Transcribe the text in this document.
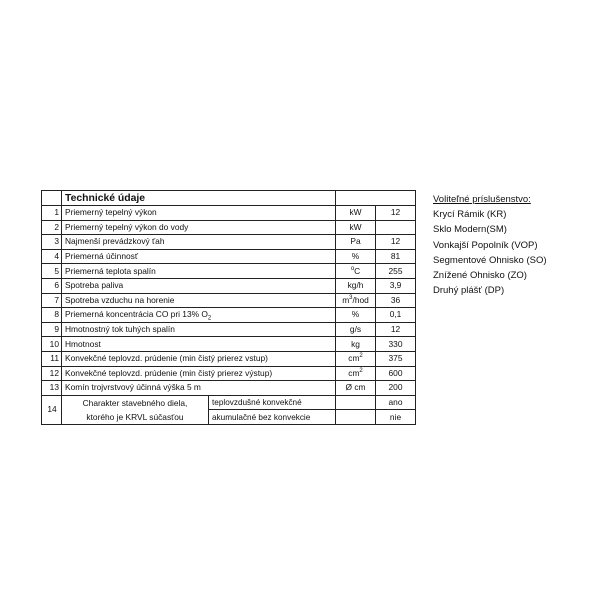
	Technické údaje			
1	Priemerný tepelný výkon		kW	12
2	Priemerný tepelný výkon do vody		kW	
3	Najmenší prevádzkový ťah		Pa	12
4	Priemerná účinnosť		%	81
5	Priemerná teplota spalín		$^o$C	255
6	Spotreba paliva		kg/h	3,9
7	Spotreba vzduchu na horenie		$m^3$/hod	36
8	Priemerná koncentrácia CO pri 13% $O_2$		%	0,1
9	Hmotnostný tok tuhých spalín		g/s	12
10	Hmotnost		kg	330
11	Konvekčné teplovzd. prúdenie (min čistý prierez vstup)		$cm^2$	375
12	Konvekčné teplovzd. prúdenie (min čistý prierez výstup)		$cm^2$	600
13	Komín trojvrstvový účinná výška 5 m		Ø cm	200
14	Charakter stavebného diela,
ktorého je KRVL súčasťou	teplovzdušné konvekčné		ano
		akumulačné bez konvekcie		nie
Voliteľné príslušenstvo:
Krycí Rámik (KR)
Sklo Modern(SM)
Vonkajší Popolník (VOP)
Segmentové Ohnisko (SO)
Znížené Ohnisko (ZO)
Druhý plášť (DP)
